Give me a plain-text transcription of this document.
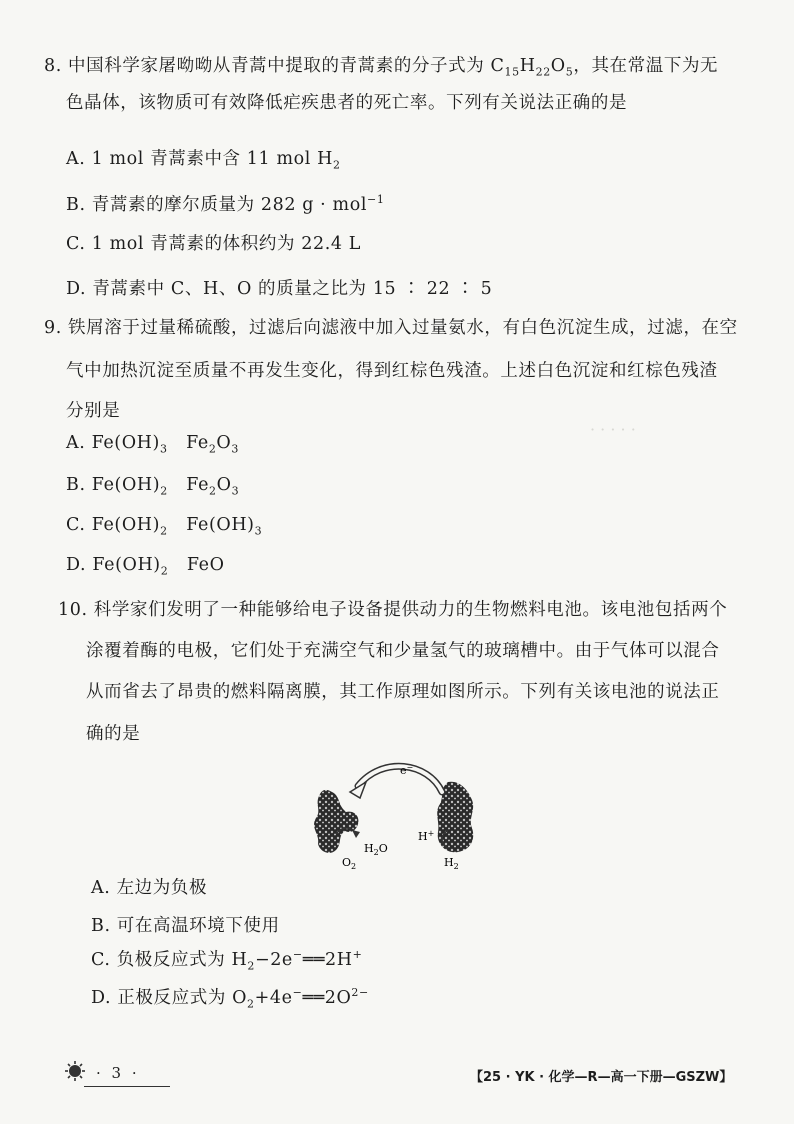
· · · · ·
8. 中国科学家屠呦呦从青蒿中提取的青蒿素的分子式为 $C_{15}H_{22}O_5$，其在常温下为无
色晶体，该物质可有效降低疟疾患者的死亡率。下列有关说法正确的是
A. 1 mol 青蒿素中含 11 mol $H_2$
B. 青蒿素的摩尔质量为 282 g · mol$^{-1}$
C. 1 mol 青蒿素的体积约为 22.4 L
D. 青蒿素中 C、H、O 的质量之比为 15 ∶ 22 ∶ 5
9. 铁屑溶于过量稀硫酸，过滤后向滤液中加入过量氨水，有白色沉淀生成，过滤，在空
气中加热沉淀至质量不再发生变化，得到红棕色残渣。上述白色沉淀和红棕色残渣
分别是
A. $Fe(OH)_3$   $Fe_2O_3$
B. $Fe(OH)_2$   $Fe_2O_3$
C. $Fe(OH)_2$   $Fe(OH)_3$
D. $Fe(OH)_2$   FeO
10. 科学家们发明了一种能够给电子设备提供动力的生物燃料电池。该电池包括两个
涂覆着酶的电极，它们处于充满空气和少量氢气的玻璃槽中。由于气体可以混合
从而省去了昂贵的燃料隔离膜，其工作原理如图所示。下列有关该电池的说法正
确的是
e−
H+
$H_2O$
$O_2$	$H_2$
A. 左边为负极
B. 可在高温环境下使用
C. 负极反应式为 $H_2-2e^-══2H^+$
D. 正极反应式为 $O_2+4e^-══2O^{2-}$
· 3 ·	【25 · YK · 化学—R—高一下册—GSZW】
